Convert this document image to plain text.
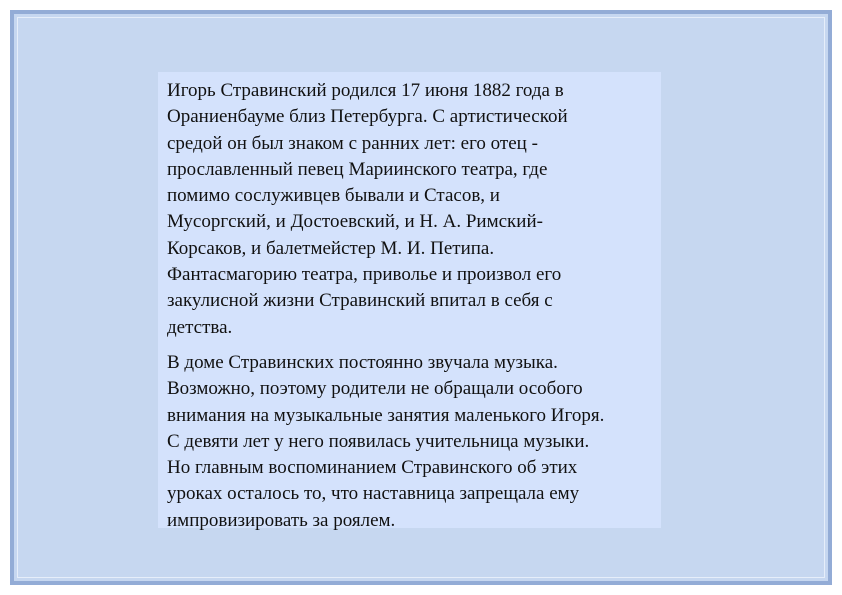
Игорь Стравинский родился 17 июня 1882 года в
Ораниенбауме близ Петербурга. С артистической
средой он был знаком с ранних лет: его отец -
прославленный певец Мариинского театра, где
помимо сослуживцев бывали и Стасов, и
Мусоргский, и Достоевский, и Н. А. Римский-
Корсаков, и балетмейстер М. И. Петипа.
Фантасмагорию театра, приволье и произвол его
закулисной жизни Стравинский впитал в себя с
детства.

В доме Стравинских постоянно звучала музыка.
Возможно, поэтому родители не обращали особого
внимания на музыкальные занятия маленького Игоря.
С девяти лет у него появилась учительница музыки.
Но главным воспоминанием Стравинского об этих
уроках осталось то, что наставница запрещала ему
импровизировать за роялем.
